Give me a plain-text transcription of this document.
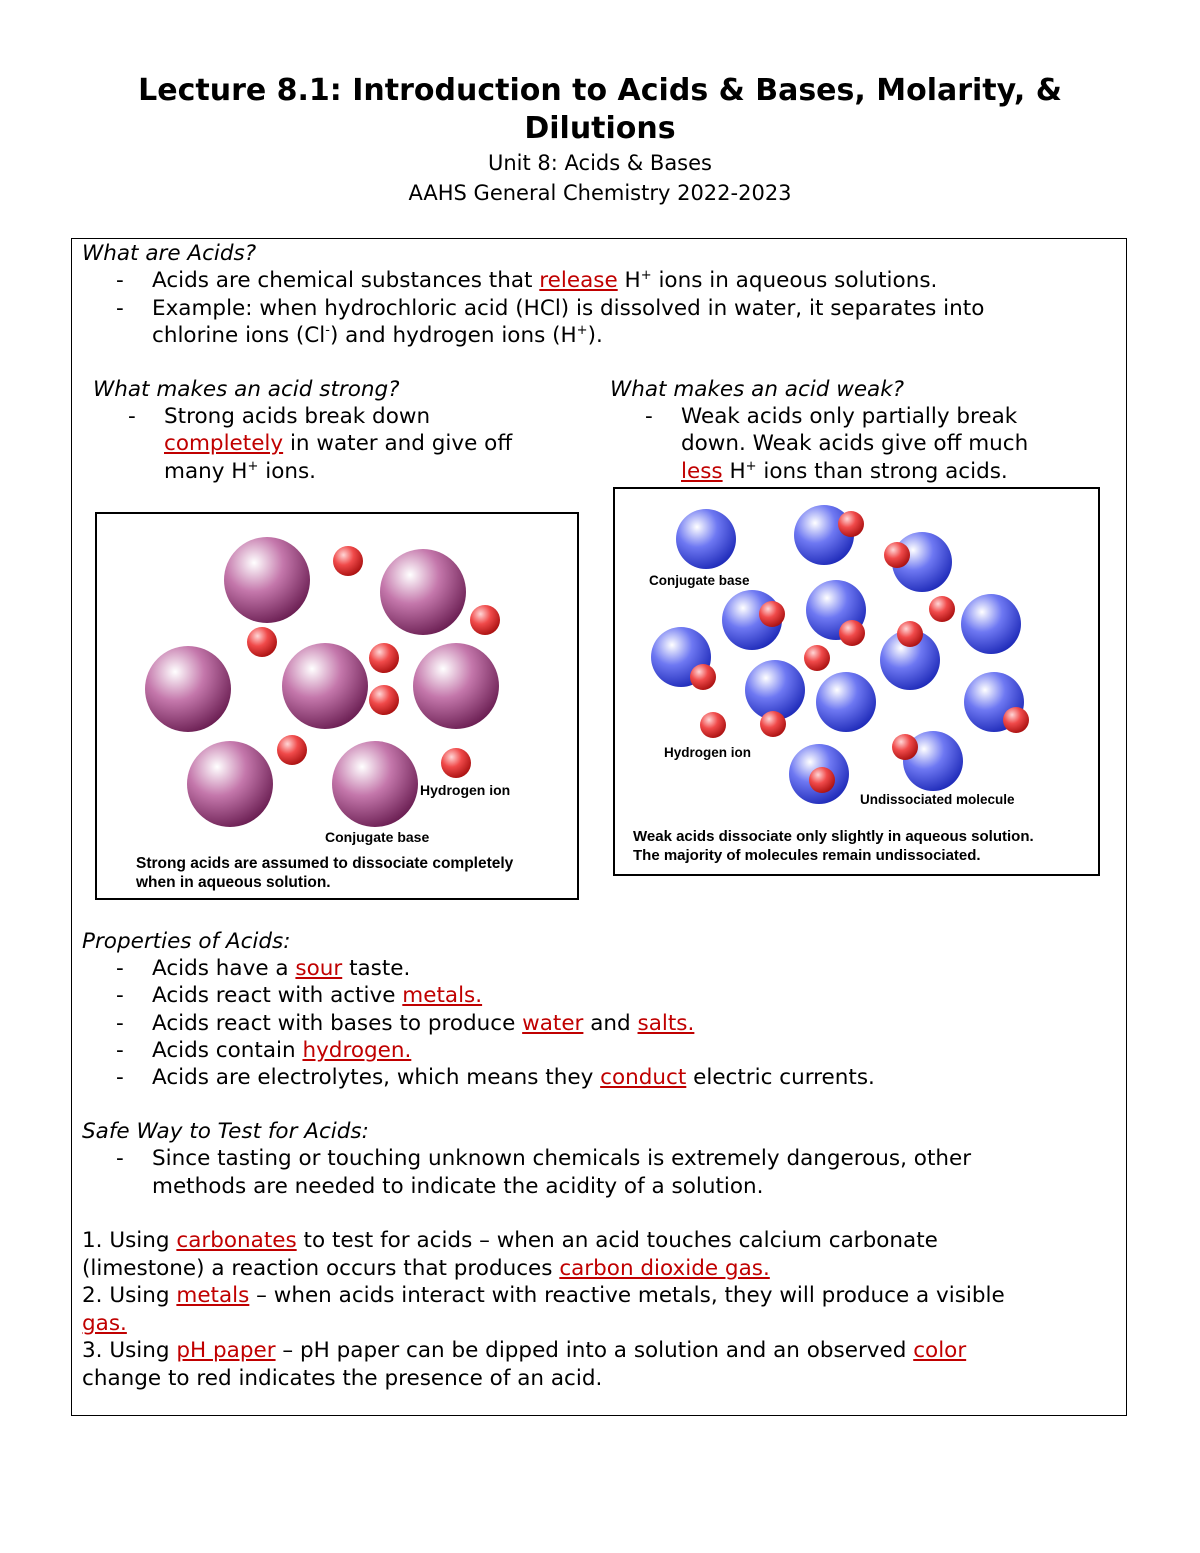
Lecture 8.1: Introduction to Acids & Bases, Molarity, &
Dilutions
Unit 8: Acids & Bases
AAHS General Chemistry 2022-2023
What are Acids?
- Acids are chemical substances that release H+ ions in aqueous solutions.
- Example: when hydrochloric acid (HCl) is dissolved in water, it separates into
chlorine ions (Cl-) and hydrogen ions (H+).
What makes an acid strong?
- Strong acids break down
completely in water and give off
many H+ ions.
What makes an acid weak?
- Weak acids only partially break
down. Weak acids give off much
less H+ ions than strong acids.
Hydrogen ion
Conjugate base
Strong acids are assumed to dissociate completely
when in aqueous solution.
Conjugate base
Hydrogen ion
Undissociated molecule
Weak acids dissociate only slightly in aqueous solution.
The majority of molecules remain undissociated.
Properties of Acids:
- Acids have a sour taste.
- Acids react with active metals.
- Acids react with bases to produce water and salts.
- Acids contain hydrogen.
- Acids are electrolytes, which means they conduct electric currents.
Safe Way to Test for Acids:
- Since tasting or touching unknown chemicals is extremely dangerous, other
methods are needed to indicate the acidity of a solution.
1. Using carbonates to test for acids – when an acid touches calcium carbonate
(limestone) a reaction occurs that produces carbon dioxide gas.
2. Using metals – when acids interact with reactive metals, they will produce a visible
gas.
3. Using pH paper – pH paper can be dipped into a solution and an observed color
change to red indicates the presence of an acid.
